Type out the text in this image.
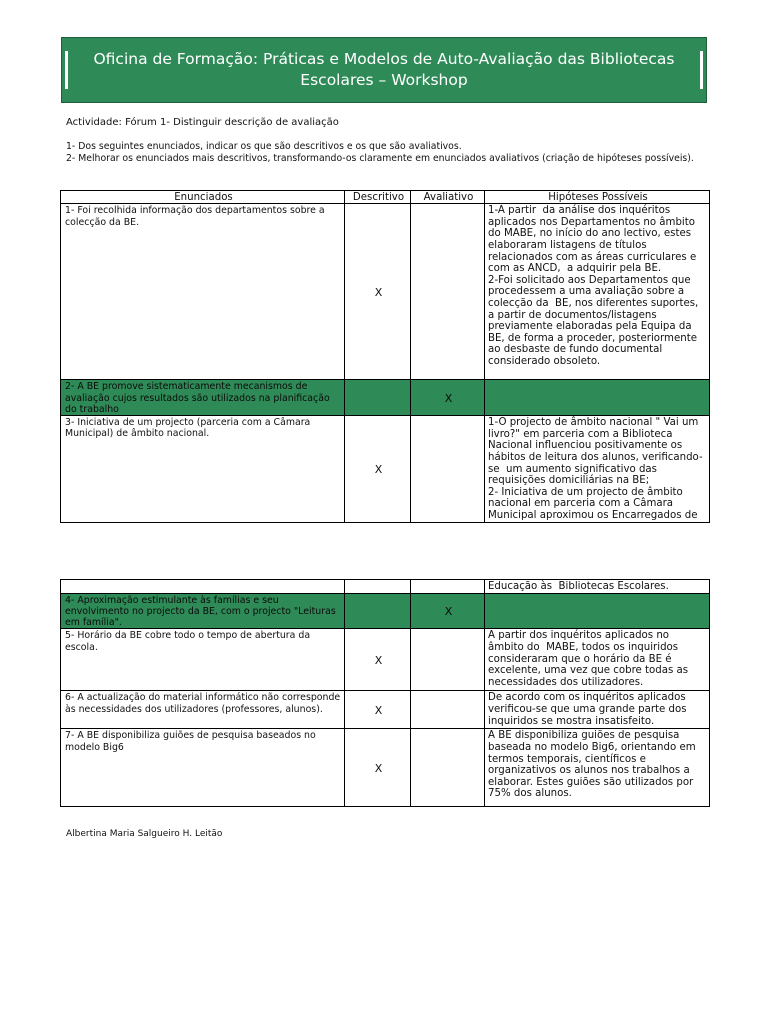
Oficina de Formação: Práticas e Modelos de Auto-Avaliação das Bibliotecas Escolares – Workshop
Actividade: Fórum 1- Distinguir descrição de avaliação
1- Dos seguintes enunciados, indicar os que são descritivos e os que são avaliativos.
2- Melhorar os enunciados mais descritivos, transformando-os claramente em enunciados avaliativos (criação de hipóteses possíveis).
Enunciados	Descritivo	Avaliativo	Hipóteses Possíveis
1- Foi recolhida informação dos departamentos sobre a colecção da BE.	X		1-A partir  da análise dos inquéritos aplicados nos Departamentos no âmbito do MABE, no início do ano lectivo, estes elaboraram listagens de títulos relacionados com as áreas curriculares e com as ANCD,  a adquirir pela BE.
2-Foi solicitado aos Departamentos que procedessem a uma avaliação sobre a colecção da  BE, nos diferentes suportes, a partir de documentos/listagens previamente elaboradas pela Equipa da BE, de forma a proceder, posteriormente ao desbaste de fundo documental considerado obsoleto.
2- A BE promove sistematicamente mecanismos de avaliação cujos resultados são utilizados na planificação do trabalho		X	
3- Iniciativa de um projecto (parceria com a Câmara Municipal) de âmbito nacional.	X		1-O projecto de âmbito nacional " Vai um livro?" em parceria com a Biblioteca Nacional influenciou positivamente os hábitos de leitura dos alunos, verificando-se  um aumento significativo das requisições domiciliárias na BE;
2- Iniciativa de um projecto de âmbito nacional em parceria com a Câmara Municipal aproximou os Encarregados de
			Educação às  Bibliotecas Escolares.
4- Aproximação estimulante às famílias e seu envolvimento no projecto da BE, com o projecto "Leituras em família".		X	
5- Horário da BE cobre todo o tempo de abertura da escola.	X		A partir dos inquéritos aplicados no âmbito do  MABE, todos os inquiridos consideraram que o horário da BE é excelente, uma vez que cobre todas as necessidades dos utilizadores.
6- A actualização do material informático não corresponde às necessidades dos utilizadores (professores, alunos).	X		De acordo com os inquéritos aplicados verificou-se que uma grande parte dos inquiridos se mostra insatisfeito.
7- A BE disponibiliza guiões de pesquisa baseados no modelo Big6	X		A BE disponibiliza guiões de pesquisa baseada no modelo Big6, orientando em termos temporais, científicos e organizativos os alunos nos trabalhos a elaborar. Estes guiões são utilizados por 75% dos alunos.
Albertina Maria Salgueiro H. Leitão
